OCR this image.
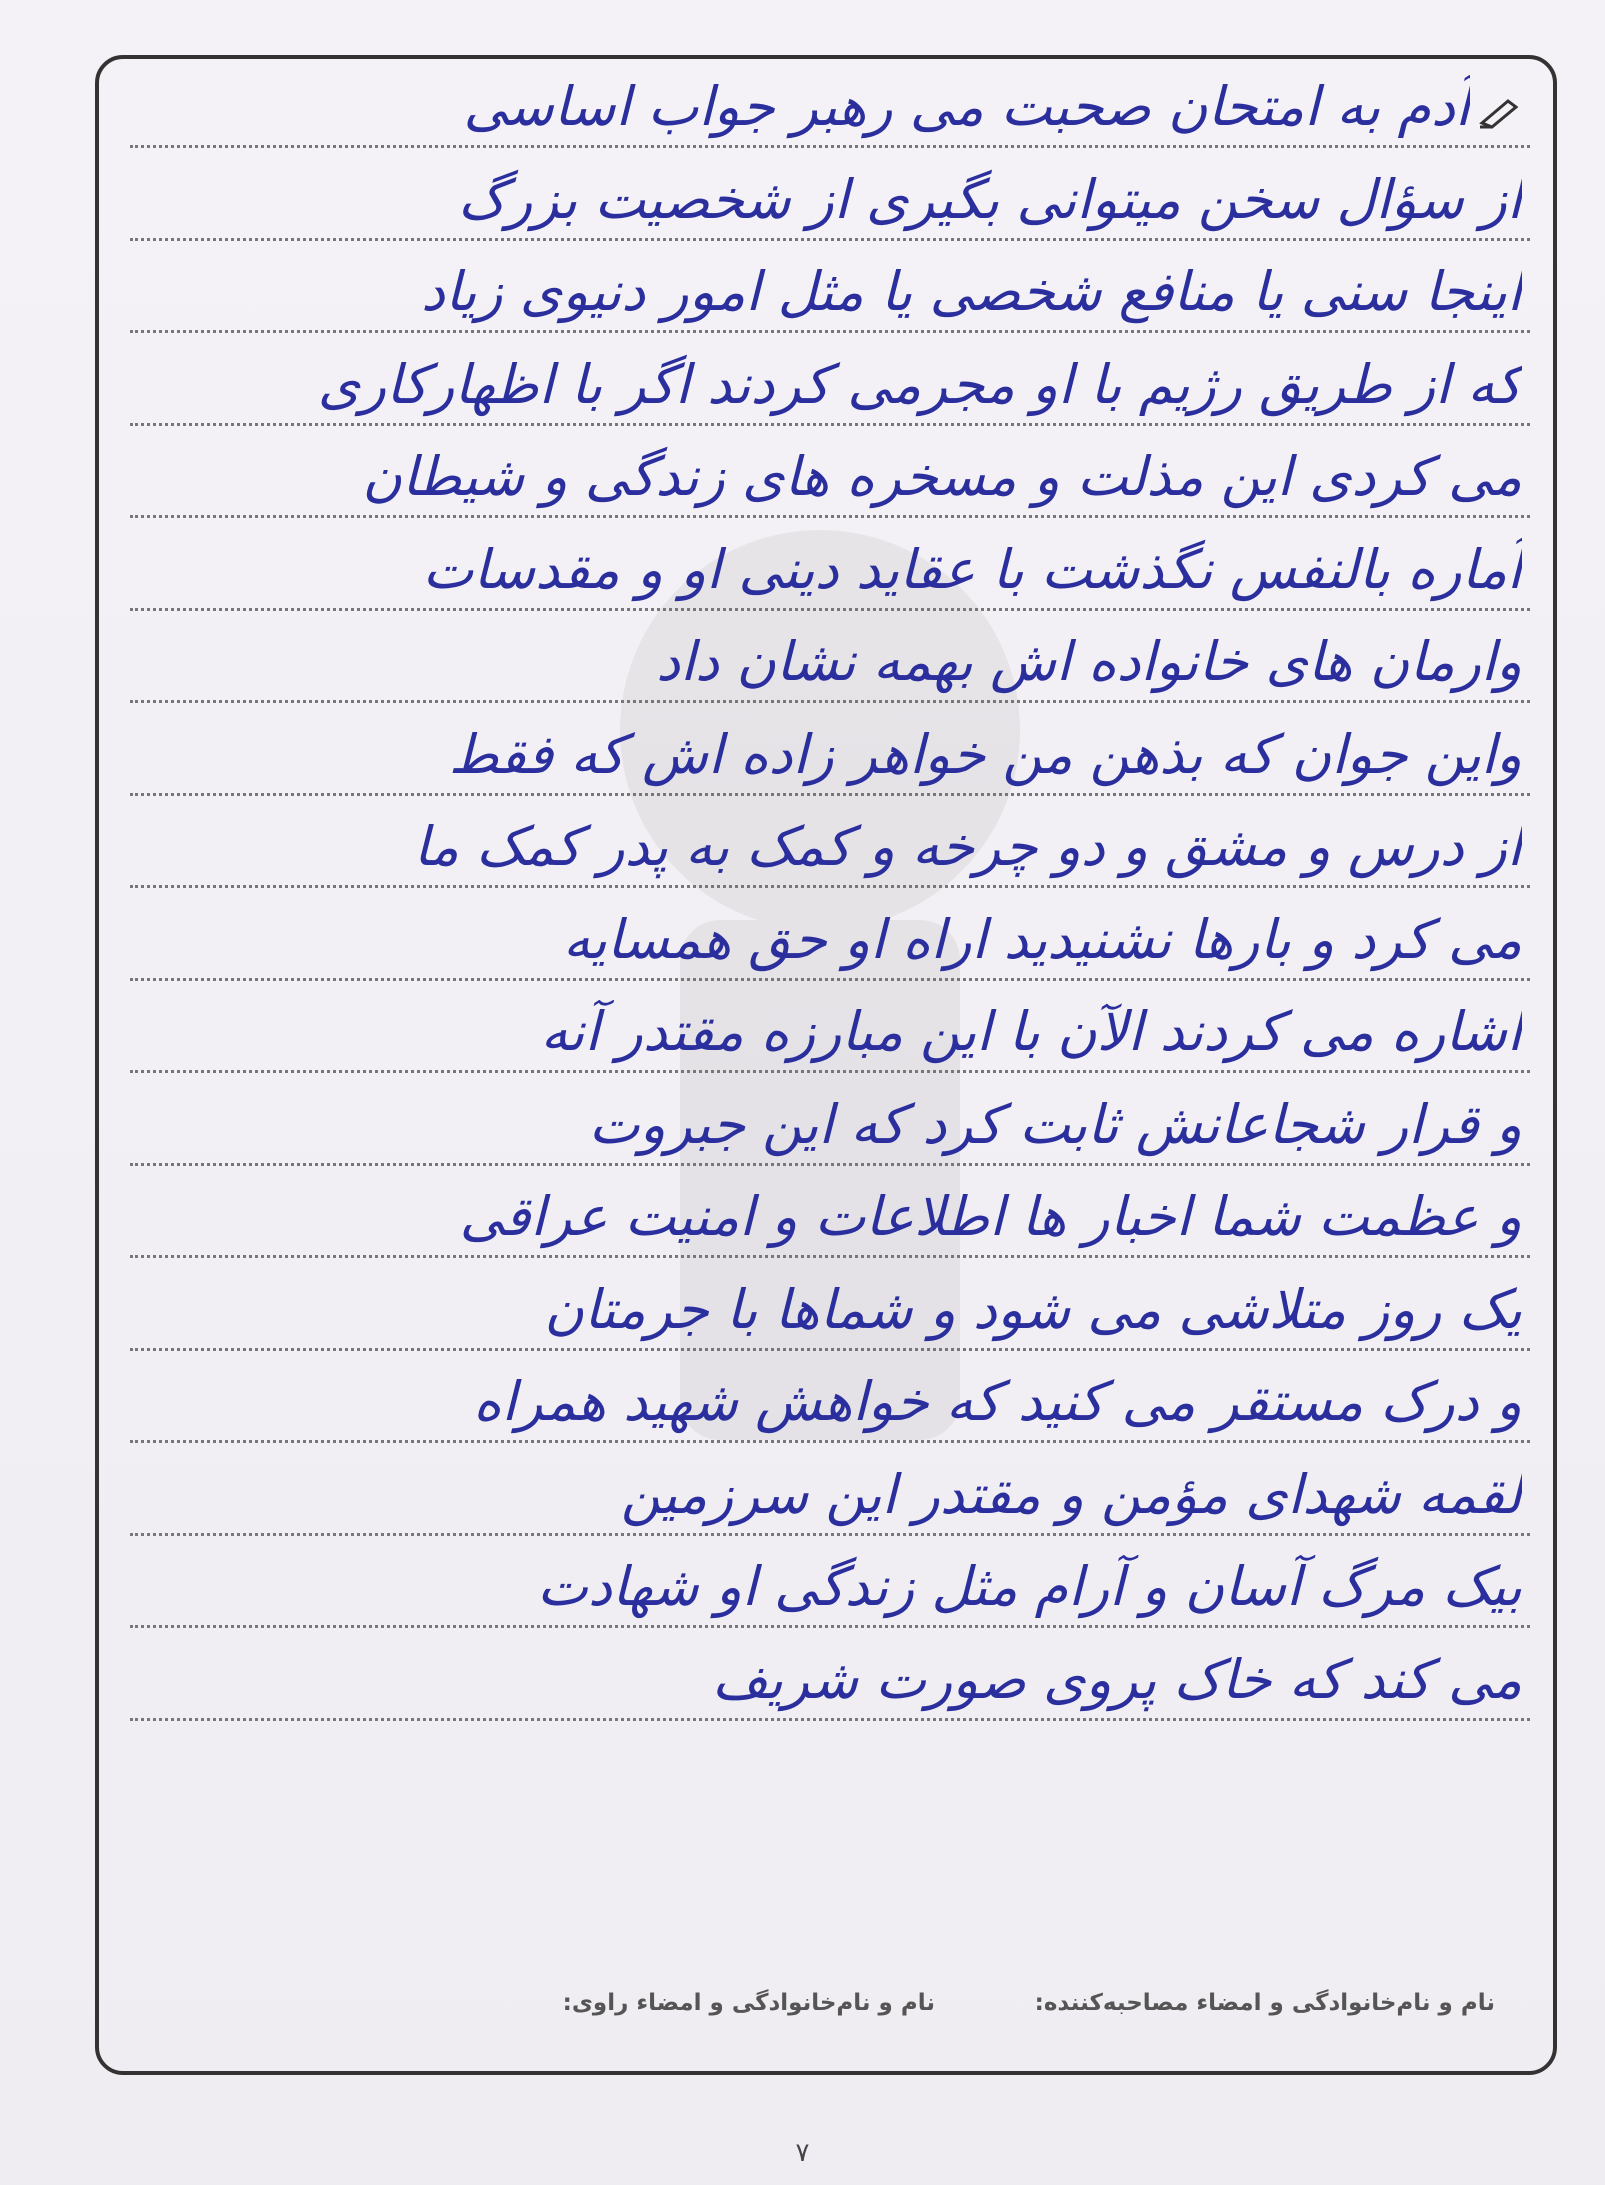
آدم به امتحان صحبت می رهبر جواب اساسی
از سؤال سخن میتوانی بگیری از شخصیت بزرگ
اینجا سنی یا منافع شخصی یا مثل امور دنیوی زیاد
که از طریق رژیم با او مجرمی کردند اگر با اظهارکاری
می کردی این مذلت و مسخره های زندگی و شیطان
آماره بالنفس نگذشت با عقاید دینی او و مقدسات
وارمان های خانواده اش بهمه نشان داد
واین جوان که بذهن من خواهر زاده اش که فقط
از درس و مشق و دو چرخه و کمک به پدر کمک ما
می کرد و بارها نشنیدید اراه او حق همسایه
اشاره می کردند الآن با این مبارزه مقتدر آنه
و قرار شجاعانش ثابت کرد که این جبروت
و عظمت شما اخبار ها اطلاعات و امنیت عراقی
یک روز متلاشی می شود و شماها با جرمتان
و درک مستقر می کنید که خواهش شهید همراه
لقمه شهدای مؤمن و مقتدر این سرزمین
بیک مرگ آسان و آرام مثل زندگی او شهادت
می کند که خاک پروی صورت شریف
نام و نام‌خانوادگی و امضاء مصاحبه‌کننده:
نام و نام‌خانوادگی و امضاء راوی:
۷
